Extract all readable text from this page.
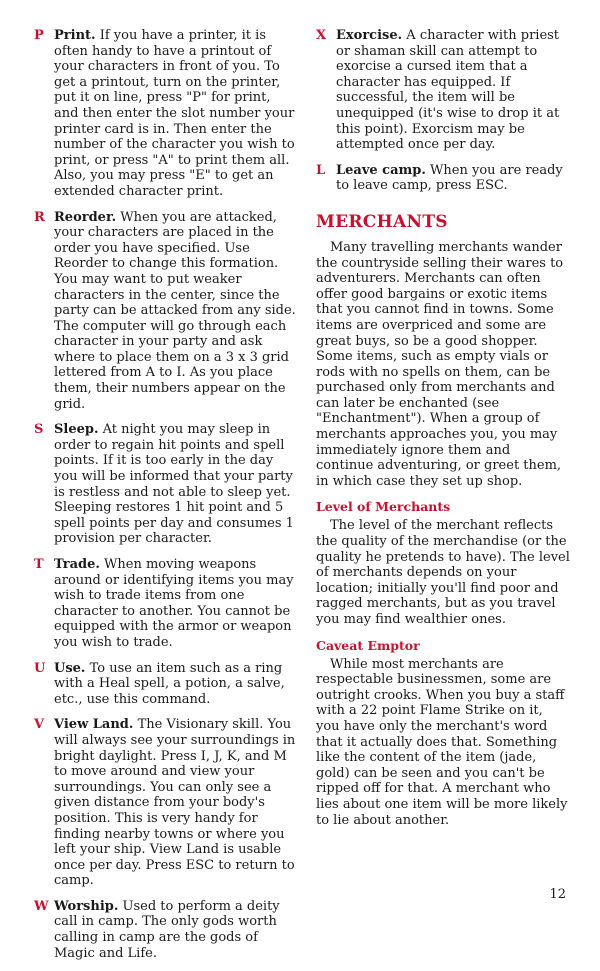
P Print. If you have a printer, it is often handy to have a printout of your characters in front of you. To get a printout, turn on the printer, put it on line, press "P" for print, and then enter the slot number your printer card is in. Then enter the number of the character you wish to print, or press "A" to print them all. Also, you may press "E" to get an extended character print.
R Reorder. When you are attacked, your characters are placed in the order you have specified. Use Reorder to change this formation. You may want to put weaker characters in the center, since the party can be attacked from any side. The computer will go through each character in your party and ask where to place them on a 3 x 3 grid lettered from A to I. As you place them, their numbers appear on the grid.
S Sleep. At night you may sleep in order to regain hit points and spell points. If it is too early in the day you will be informed that your party is restless and not able to sleep yet. Sleeping restores 1 hit point and 5 spell points per day and consumes 1 provision per character.
T Trade. When moving weapons around or identifying items you may wish to trade items from one character to another. You cannot be equipped with the armor or weapon you wish to trade.
U Use. To use an item such as a ring with a Heal spell, a potion, a salve, etc., use this command.
V View Land. The Visionary skill. You will always see your surroundings in bright daylight. Press I, J, K, and M to move around and view your surroundings. You can only see a given distance from your body's position. This is very handy for finding nearby towns or where you left your ship. View Land is usable once per day. Press ESC to return to camp.
W Worship. Used to perform a deity call in camp. The only gods worth calling in camp are the gods of Magic and Life.
X Exorcise. A character with priest or shaman skill can attempt to exorcise a cursed item that a character has equipped. If successful, the item will be unequipped (it's wise to drop it at this point). Exorcism may be attempted once per day.
L Leave camp. When you are ready to leave camp, press ESC.
MERCHANTS

Many travelling merchants wander the countryside selling their wares to adventurers. Merchants can often offer good bargains or exotic items that you cannot find in towns. Some items are overpriced and some are great buys, so be a good shopper. Some items, such as empty vials or rods with no spells on them, can be purchased only from merchants and can later be enchanted (see "Enchantment"). When a group of merchants approaches you, you may immediately ignore them and continue adventuring, or greet them, in which case they set up shop.

Level of Merchants

The level of the merchant reflects the quality of the merchandise (or the quality he pretends to have). The level of merchants depends on your location; initially you'll find poor and ragged merchants, but as you travel you may find wealthier ones.

Caveat Emptor

While most merchants are respectable businessmen, some are outright crooks. When you buy a staff with a 22 point Flame Strike on it, you have only the merchant's word that it actually does that. Something like the content of the item (jade, gold) can be seen and you can't be ripped off for that. A merchant who lies about one item will be more likely to lie about another.

12
